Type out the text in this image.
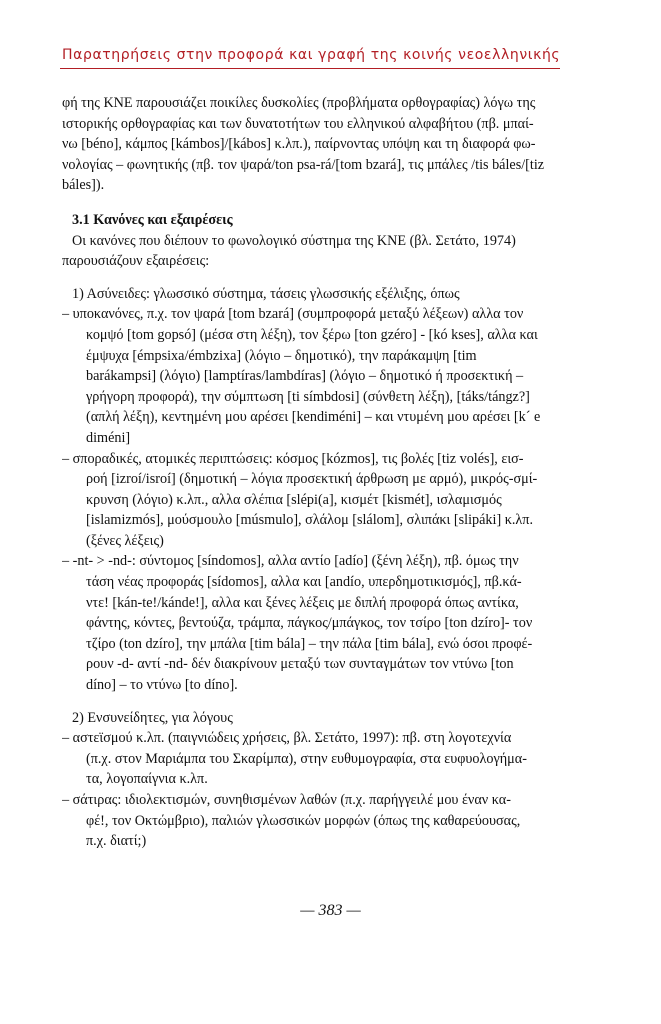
Παρατηρήσεις στην προφορά και γραφή της κοινής νεοελληνικής
φή της ΚΝΕ παρουσιάζει ποικίλες δυσκολίες (προβλήματα ορθογραφίας) λόγω της
ιστορικής ορθογραφίας και των δυνατοτήτων του ελληνικού αλφαβήτου (πβ. μπαί-
νω [béno], κάμπος [kámbos]/[kábos] κ.λπ.), παίρνοντας υπόψη και τη διαφορά φω-
νολογίας – φωνητικής (πβ. τον ψαρά/ton psa-rá/[tom bzará], τις μπάλες /tis báles/[tiz
báles]).
3.1 Κανόνες και εξαιρέσεις
Οι κανόνες που διέπουν το φωνολογικό σύστημα της ΚΝΕ (βλ. Σετάτο, 1974)
παρουσιάζουν εξαιρέσεις:
1) Ασύνειδες: γλωσσικό σύστημα, τάσεις γλωσσικής εξέλιξης, όπως
– υποκανόνες, π.χ. τον ψαρά [tom bzará] (συμπροφορά μεταξύ λέξεων) αλλα τον
κομψό [tom gopsó] (μέσα στη λέξη), τον ξέρω [ton gzéro] - [kó kses], αλλα και
έμψυχα [émpsixa/émbzixa] (λόγιο – δημοτικό), την παράκαμψη [tim
barákampsi] (λόγιο) [lamptíras/lambdíras] (λόγιο – δημοτικό ή προσεκτική –
γρήγορη προφορά), την σύμπτωση [ti símbdosi] (σύνθετη λέξη), [táks/tángz?]
(απλή λέξη), κεντημένη μου αρέσει [kendiméni] – και ντυμένη μου αρέσει [k´ e
diméni]
– σποραδικές, ατομικές περιπτώσεις: κόσμος [kózmos], τις βολές [tiz volés], εισ-
ροή [izroí/isroí] (δημοτική – λόγια προσεκτική άρθρωση με αρμό), μικρός-σμί-
κρυνση (λόγιο) κ.λπ., αλλα σλέπια [slépi(a], κισμέτ [kismét], ισλαμισμός
[islamizmós], μούσμουλο [músmulo], σλάλομ [slálom], σλιπάκι [slipáki] κ.λπ.
(ξένες λέξεις)
– -nt- > -nd-: σύντομος [síndomos], αλλα αντίο [adío] (ξένη λέξη), πβ. όμως την
τάση νέας προφοράς [sídomos], αλλα και [andío, υπερδημοτικισμός], πβ.κά-
ντε! [kán-te!/kánde!], αλλα και ξένες λέξεις με διπλή προφορά όπως αντίκα,
φάντης, κόντες, βεντούζα, τράμπα, πάγκος/μπάγκος, τον τσίρο [ton dzíro]- τον
τζίρο (ton dzíro], την μπάλα [tim bála] – την πάλα [tim bála], ενώ όσοι προφέ-
ρουν -d- αντί -nd- δέν διακρίνουν μεταξύ των συνταγμάτων τον ντύνω [ton
díno] – το ντύνω [to díno].
2) Ενσυνείδητες, για λόγους
– αστεϊσμού κ.λπ. (παιγνιώδεις χρήσεις, βλ. Σετάτο, 1997): πβ. στη λογοτεχνία
(π.χ. στον Μαριάμπα του Σκαρίμπα), στην ευθυμογραφία, στα ευφυολογήμα-
τα, λογοπαίγνια κ.λπ.
– σάτιρας: ιδιολεκτισμών, συνηθισμένων λαθών (π.χ. παρήγγειλέ μου έναν κα-
φέ!, τον Οκτώμβριο), παλιών γλωσσικών μορφών (όπως της καθαρεύουσας,
π.χ. διατί;)
— 383 —
